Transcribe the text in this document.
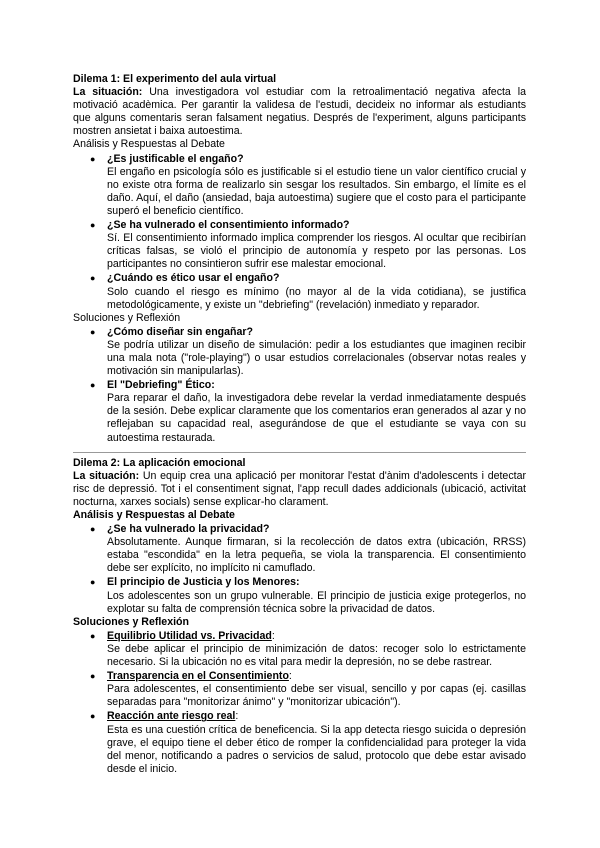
Dilema 1: El experimento del aula virtual

La situación: Una investigadora vol estudiar com la retroalimentació negativa afecta la motivació acadèmica. Per garantir la validesa de l'estudi, decideix no informar als estudiants que alguns comentaris seran falsament negatius. Després de l'experiment, alguns participants mostren ansietat i baixa autoestima.

Análisis y Respuestas al Debate

● ¿Es justificable el engaño?
El engaño en psicología sólo es justificable si el estudio tiene un valor científico crucial y no existe otra forma de realizarlo sin sesgar los resultados. Sin embargo, el límite es el daño. Aquí, el daño (ansiedad, baja autoestima) sugiere que el costo para el participante superó el beneficio científico.
● ¿Se ha vulnerado el consentimiento informado?
Sí. El consentimiento informado implica comprender los riesgos. Al ocultar que recibirían críticas falsas, se violó el principio de autonomía y respeto por las personas. Los participantes no consintieron sufrir ese malestar emocional.
● ¿Cuándo es ético usar el engaño?
Solo cuando el riesgo es mínimo (no mayor al de la vida cotidiana), se justifica metodológicamente, y existe un "debriefing" (revelación) inmediato y reparador.

Soluciones y Reflexión

● ¿Cómo diseñar sin engañar?
Se podría utilizar un diseño de simulación: pedir a los estudiantes que imaginen recibir una mala nota ("role-playing") o usar estudios correlacionales (observar notas reales y motivación sin manipularlas).
● El "Debriefing" Ético:
Para reparar el daño, la investigadora debe revelar la verdad inmediatamente después de la sesión. Debe explicar claramente que los comentarios eran generados al azar y no reflejaban su capacidad real, asegurándose de que el estudiante se vaya con su autoestima restaurada.

Dilema 2: La aplicación emocional

La situación: Un equip crea una aplicació per monitorar l'estat d'ànim d'adolescents i detectar risc de depressió. Tot i el consentiment signat, l'app recull dades addicionals (ubicació, activitat nocturna, xarxes socials) sense explicar-ho clarament.

Análisis y Respuestas al Debate

● ¿Se ha vulnerado la privacidad?
Absolutamente. Aunque firmaran, si la recolección de datos extra (ubicación, RRSS) estaba "escondida" en la letra pequeña, se viola la transparencia. El consentimiento debe ser explícito, no implícito ni camuflado.
● El principio de Justicia y los Menores:
Los adolescentes son un grupo vulnerable. El principio de justicia exige protegerlos, no explotar su falta de comprensión técnica sobre la privacidad de datos.

Soluciones y Reflexión

● Equilibrio Utilidad vs. Privacidad:
Se debe aplicar el principio de minimización de datos: recoger solo lo estrictamente necesario. Si la ubicación no es vital para medir la depresión, no se debe rastrear.
● Transparencia en el Consentimiento:
Para adolescentes, el consentimiento debe ser visual, sencillo y por capas (ej. casillas separadas para "monitorizar ánimo" y "monitorizar ubicación").
● Reacción ante riesgo real:
Esta es una cuestión crítica de beneficencia. Si la app detecta riesgo suicida o depresión grave, el equipo tiene el deber ético de romper la confidencialidad para proteger la vida del menor, notificando a padres o servicios de salud, protocolo que debe estar avisado desde el inicio.
